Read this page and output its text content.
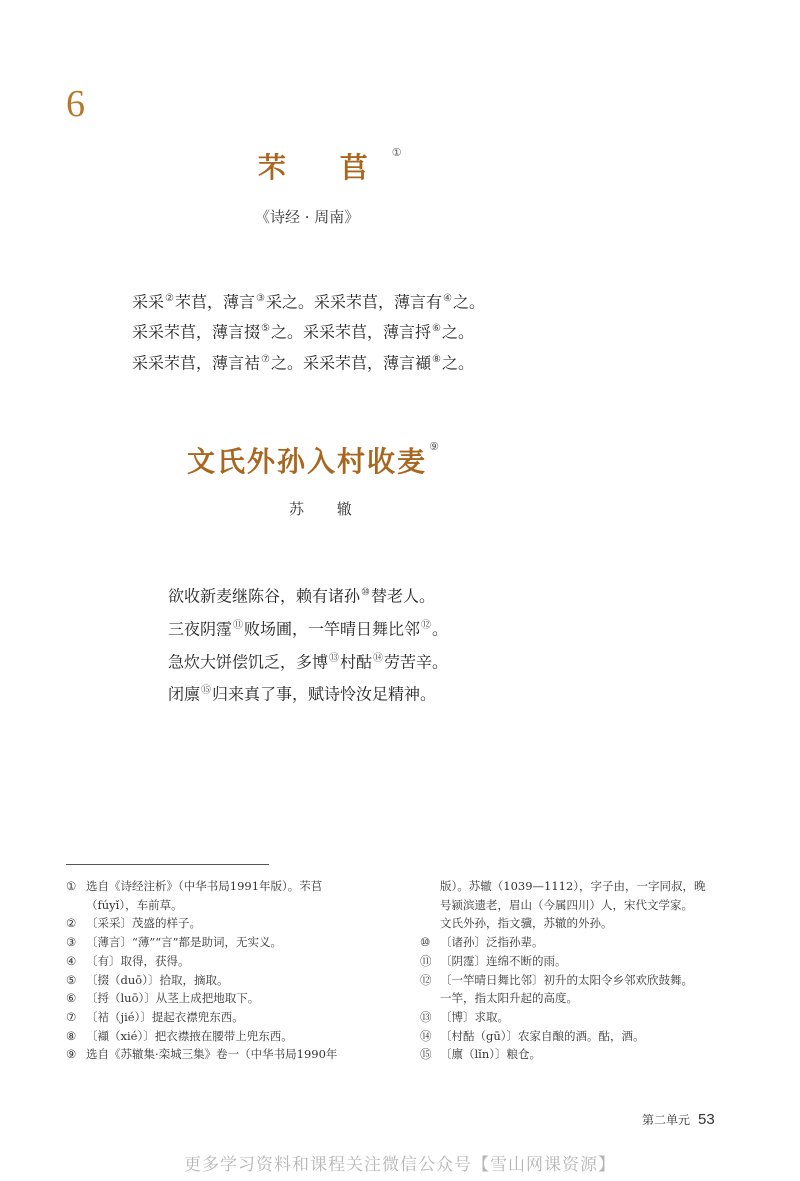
6
芣 苢 ①
《诗经 · 周南》
采采②芣苢，薄言③采之。采采芣苢，薄言有④之。
采采芣苢，薄言掇⑤之。采采芣苢，薄言捋⑥之。
采采芣苢，薄言袺⑦之。采采芣苢，薄言襭⑧之。
文氏外孙入村收麦 ⑨
苏 辙
欲收新麦继陈谷，赖有诸孙⑩替老人。
三夜阴霪⑪败场圃，一竿晴日舞比邻⑫。
急炊大饼偿饥乏，多博⑬村酤⑭劳苦辛。
闭廪⑮归来真了事，赋诗怜汝足精神。
① 选自《诗经注析》（中华书局1991年版）。芣苢
（fúyǐ），车前草。
② 〔采采〕茂盛的样子。
③ 〔薄言〕“薄”“言”都是助词，无实义。
④ 〔有〕取得，获得。
⑤ 〔掇（duō）〕拾取，摘取。
⑥ 〔捋（luō）〕从茎上成把地取下。
⑦ 〔袺（jié）〕提起衣襟兜东西。
⑧ 〔襭（xié）〕把衣襟掖在腰带上兜东西。
⑨ 选自《苏辙集·栾城三集》卷一（中华书局1990年
版）。苏辙（1039—1112），字子由，一字同叔，晚
号颍滨遗老，眉山（今属四川）人，宋代文学家。
文氏外孙，指文骥，苏辙的外孙。
⑩ 〔诸孙〕泛指孙辈。
⑪ 〔阴霪〕连绵不断的雨。
⑫ 〔一竿晴日舞比邻〕初升的太阳令乡邻欢欣鼓舞。
一竿，指太阳升起的高度。
⑬ 〔博〕求取。
⑭ 〔村酤（gū）〕农家自酿的酒。酤，酒。
⑮ 〔廪（lǐn）〕粮仓。
第二单元 53
更多学习资料和课程关注微信公众号【雪山网课资源】
